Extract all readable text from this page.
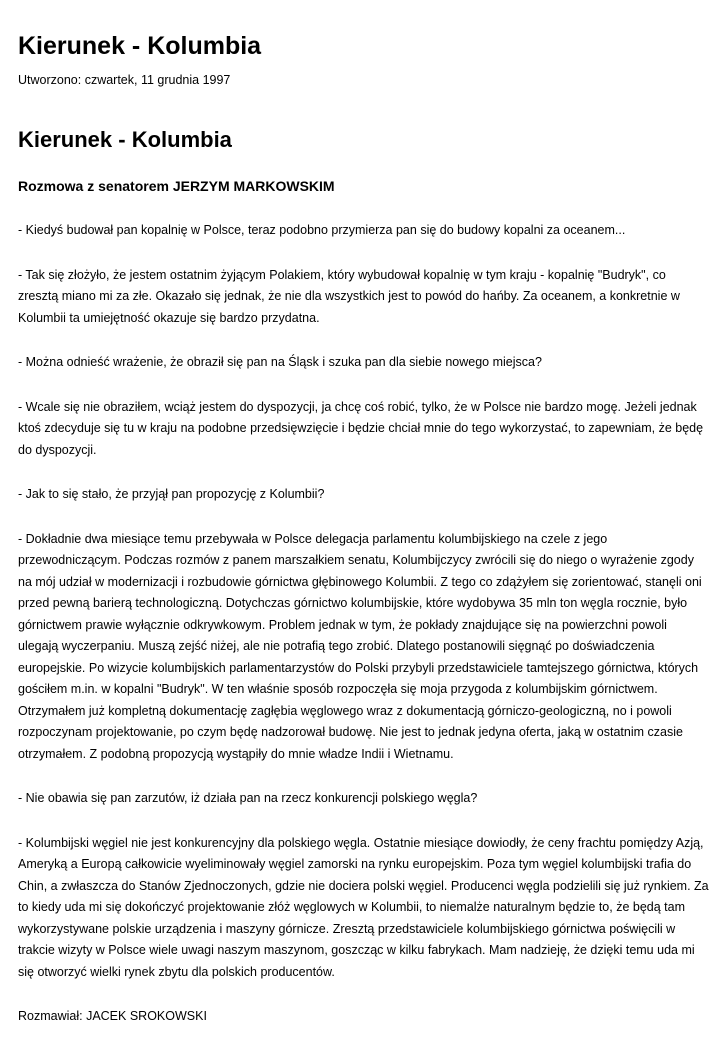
Kierunek - Kolumbia

Utworzono: czwartek, 11 grudnia 1997

Kierunek - Kolumbia
Rozmowa z senatorem JERZYM MARKOWSKIM

- Kiedyś budował pan kopalnię w Polsce, teraz podobno przymierza pan się do budowy kopalni za oceanem...

- Tak się złożyło, że jestem ostatnim żyjącym Polakiem, który wybudował kopalnię w tym kraju - kopalnię "Budryk", co zresztą miano mi za złe. Okazało się jednak, że nie dla wszystkich jest to powód do hańby. Za oceanem, a konkretnie w Kolumbii ta umiejętność okazuje się bardzo przydatna.

- Można odnieść wrażenie, że obraził się pan na Śląsk i szuka pan dla siebie nowego miejsca?

- Wcale się nie obraziłem, wciąż jestem do dyspozycji, ja chcę coś robić, tylko, że w Polsce nie bardzo mogę. Jeżeli jednak ktoś zdecyduje się tu w kraju na podobne przedsięwzięcie i będzie chciał mnie do tego wykorzystać, to zapewniam, że będę do dyspozycji.

- Jak to się stało, że przyjął pan propozycję z Kolumbii?

- Dokładnie dwa miesiące temu przebywała w Polsce delegacja parlamentu kolumbijskiego na czele z jego przewodniczącym. Podczas rozmów z panem marszałkiem senatu, Kolumbijczycy zwrócili się do niego o wyrażenie zgody na mój udział w modernizacji i rozbudowie górnictwa głębinowego Kolumbii. Z tego co zdążyłem się zorientować, stanęli oni przed pewną barierą technologiczną. Dotychczas górnictwo kolumbijskie, które wydobywa 35 mln ton węgla rocznie, było górnictwem prawie wyłącznie odkrywkowym. Problem jednak w tym, że pokłady znajdujące się na powierzchni powoli ulegają wyczerpaniu. Muszą zejść niżej, ale nie potrafią tego zrobić. Dlatego postanowili sięgnąć po doświadczenia europejskie. Po wizycie kolumbijskich parlamentarzystów do Polski przybyli przedstawiciele tamtejszego górnictwa, których gościłem m.in. w kopalni "Budryk". W ten właśnie sposób rozpoczęła się moja przygoda z kolumbijskim górnictwem. Otrzymałem już kompletną dokumentację zagłębia węglowego wraz z dokumentacją górniczo-geologiczną, no i powoli rozpoczynam projektowanie, po czym będę nadzorował budowę. Nie jest to jednak jedyna oferta, jaką w ostatnim czasie otrzymałem. Z podobną propozycją wystąpiły do mnie władze Indii i Wietnamu.

- Nie obawia się pan zarzutów, iż działa pan na rzecz konkurencji polskiego węgla?

- Kolumbijski węgiel nie jest konkurencyjny dla polskiego węgla. Ostatnie miesiące dowiodły, że ceny frachtu pomiędzy Azją, Ameryką a Europą całkowicie wyeliminowały węgiel zamorski na rynku europejskim. Poza tym węgiel kolumbijski trafia do Chin, a zwłaszcza do Stanów Zjednoczonych, gdzie nie dociera polski węgiel. Producenci węgla podzielili się już rynkiem. Za to kiedy uda mi się dokończyć projektowanie złóż węglowych w Kolumbii, to niemalże naturalnym będzie to, że będą tam wykorzystywane polskie urządzenia i maszyny górnicze. Zresztą przedstawiciele kolumbijskiego górnictwa poświęcili w trakcie wizyty w Polsce wiele uwagi naszym maszynom, goszcząc w kilku fabrykach. Mam nadzieję, że dzięki temu uda mi się otworzyć wielki rynek zbytu dla polskich producentów.

Rozmawiał: JACEK SROKOWSKI
